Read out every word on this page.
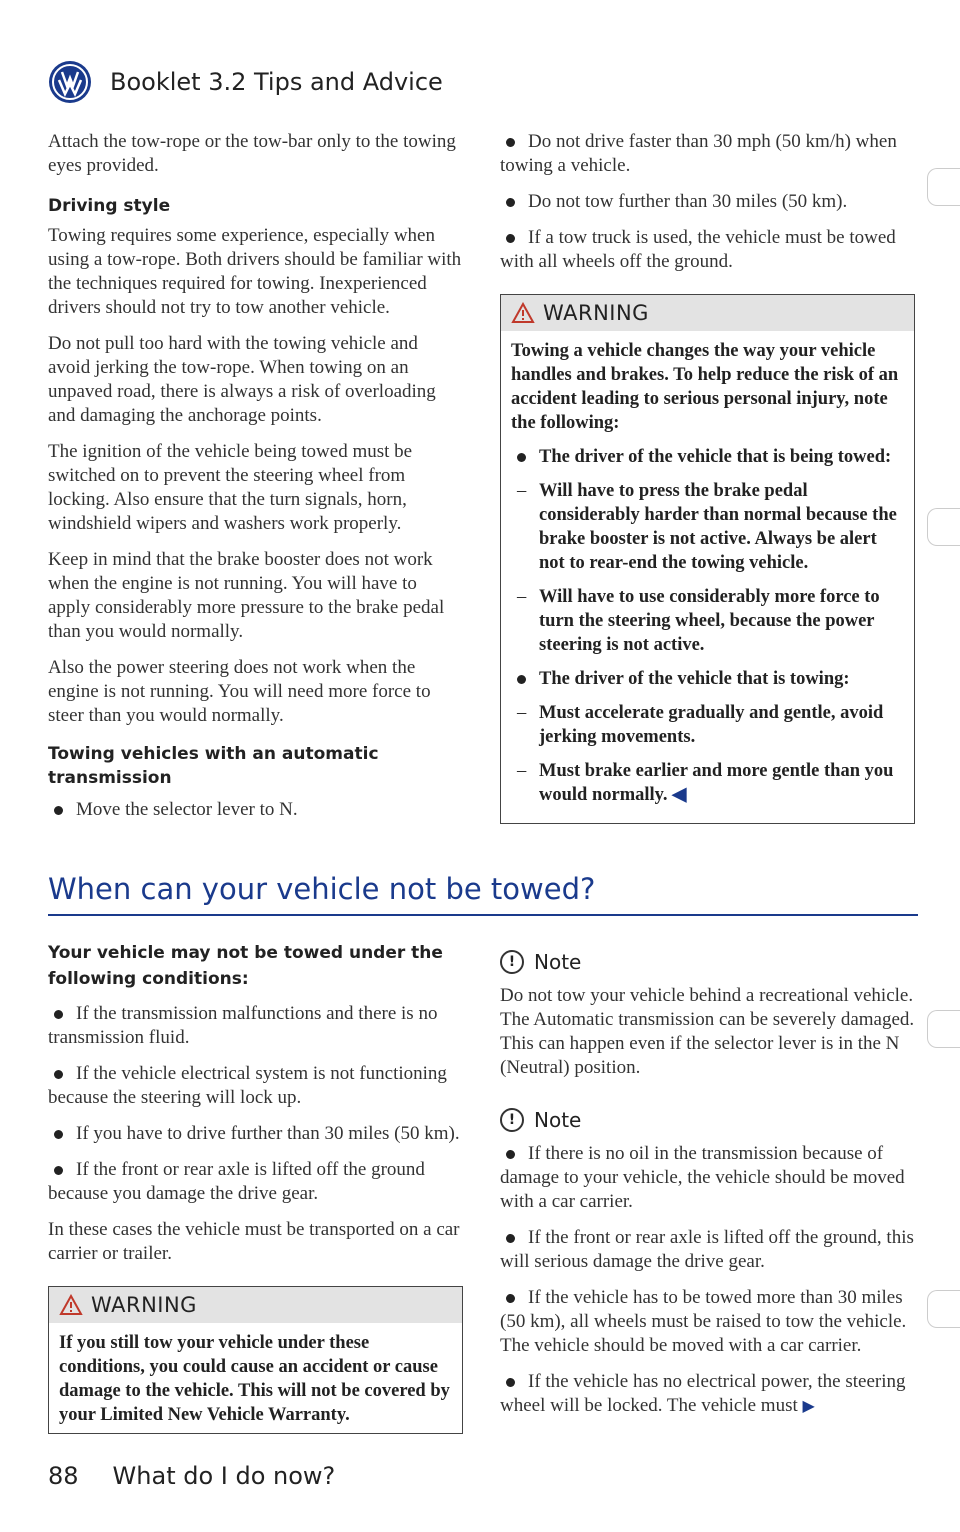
Booklet 3.2 Tips and Advice

Attach the tow-rope or the tow-bar only to the towing eyes provided.

Driving style

Towing requires some experience, especially when using a tow-rope. Both drivers should be familiar with the techniques required for towing. Inexperienced drivers should not try to tow another vehicle.

Do not pull too hard with the towing vehicle and avoid jerking the tow-rope. When towing on an unpaved road, there is always a risk of overloading and damaging the anchorage points.

The ignition of the vehicle being towed must be switched on to prevent the steering wheel from locking. Also ensure that the turn signals, horn, windshield wipers and washers work properly.

Keep in mind that the brake booster does not work when the engine is not running. You will have to apply considerably more pressure to the brake pedal than you would normally.

Also the power steering does not work when the engine is not running. You will need more force to steer than you would normally.

Towing vehicles with an automatic transmission

Move the selector lever to N.

Do not drive faster than 30 mph (50 km/h) when towing a vehicle.

Do not tow further than 30 miles (50 km).

If a tow truck is used, the vehicle must be towed with all wheels off the ground.

WARNING

Towing a vehicle changes the way your vehicle handles and brakes. To help reduce the risk of an accident leading to serious personal injury, note the following:

The driver of the vehicle that is being towed:

– Will have to press the brake pedal considerably harder than normal because the brake booster is not active. Always be alert not to rear-end the towing vehicle.

– Will have to use considerably more force to turn the steering wheel, because the power steering is not active.

The driver of the vehicle that is towing:

– Must accelerate gradually and gentle, avoid jerking movements.

– Must brake earlier and more gentle than you would normally. ◀

When can your vehicle not be towed?

Your vehicle may not be towed under the following conditions:

If the transmission malfunctions and there is no transmission fluid.

If the vehicle electrical system is not functioning because the steering will lock up.

If you have to drive further than 30 miles (50 km).

If the front or rear axle is lifted off the ground because you damage the drive gear.

In these cases the vehicle must be transported on a car carrier or trailer.

WARNING

If you still tow your vehicle under these conditions, you could cause an accident or cause damage to the vehicle. This will not be covered by your Limited New Vehicle Warranty.

! Note

Do not tow your vehicle behind a recreational vehicle. The Automatic transmission can be severely damaged. This can happen even if the selector lever is in the N (Neutral) position.

! Note

If there is no oil in the transmission because of damage to your vehicle, the vehicle should be moved with a car carrier.

If the front or rear axle is lifted off the ground, this will serious damage the drive gear.

If the vehicle has to be towed more than 30 miles (50 km), all wheels must be raised to tow the vehicle. The vehicle should be moved with a car carrier.

If the vehicle has no electrical power, the steering wheel will be locked. The vehicle must ▶

88 What do I do now?
